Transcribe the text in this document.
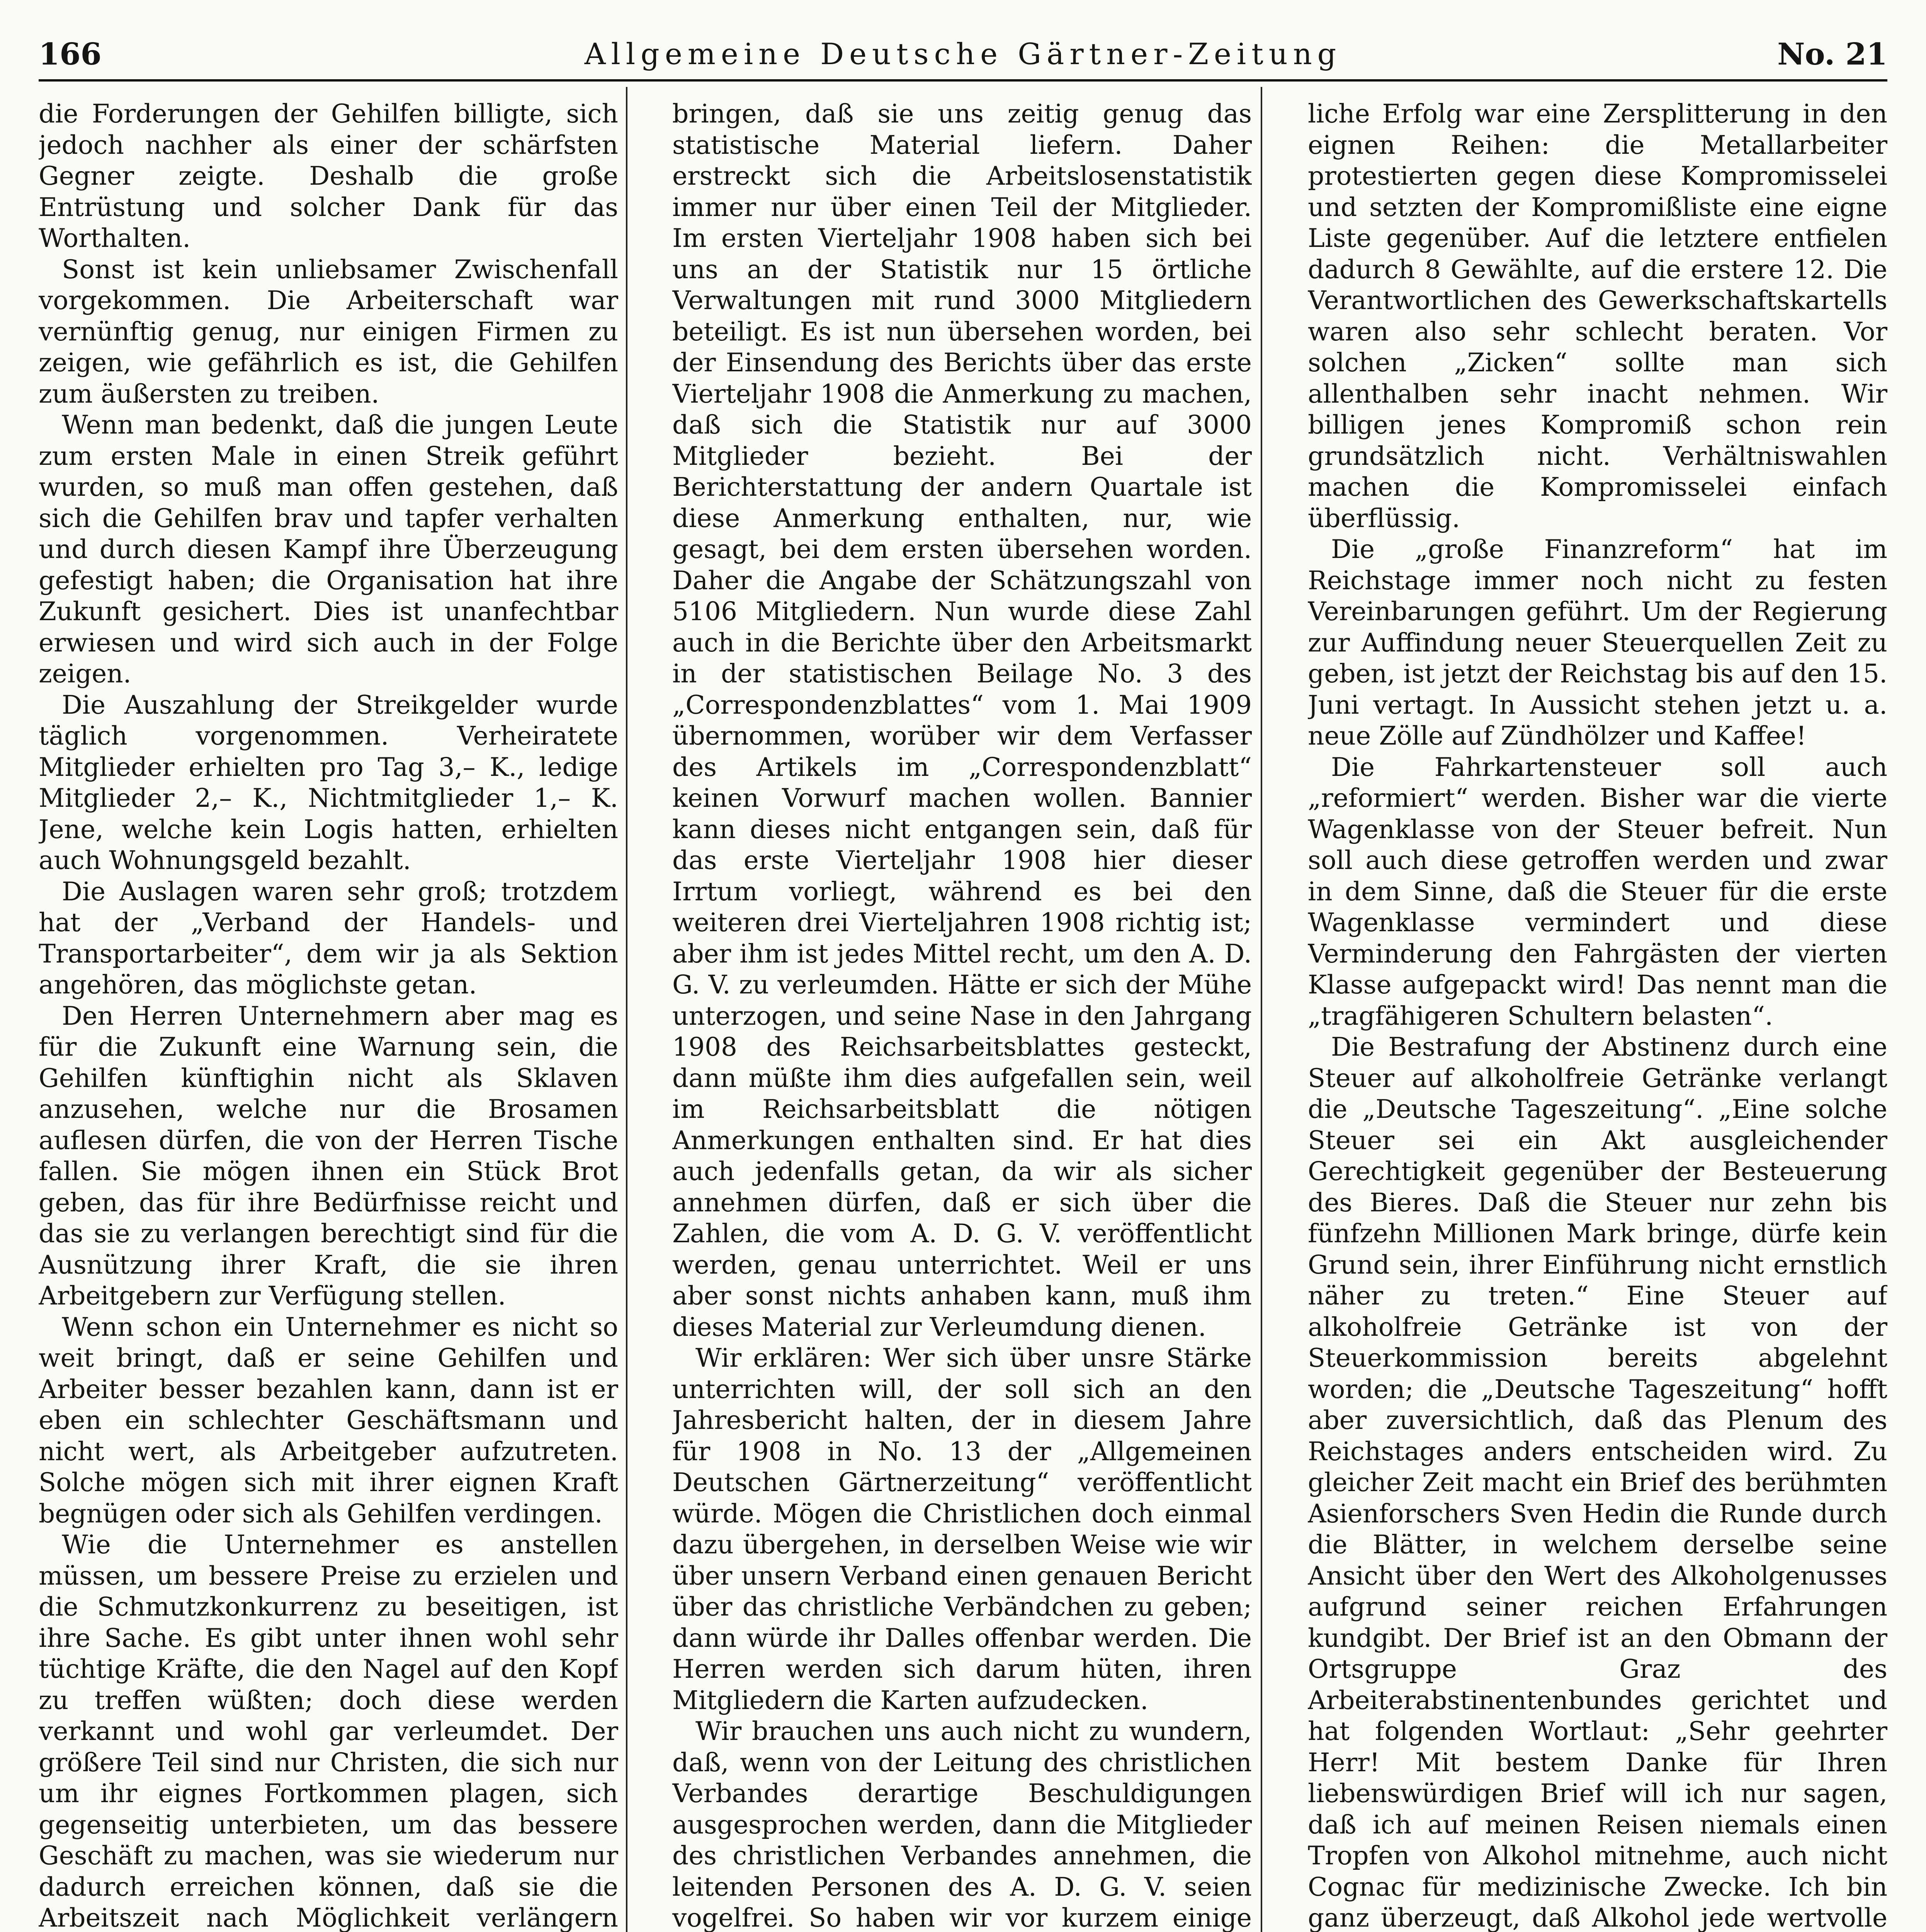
166	Allgemeine Deutsche Gärtner-Zeitung	No. 21

die Forderungen der Gehilfen billigte, sich jedoch nachher als einer der schärfsten Gegner zeigte. Deshalb die große Entrüstung und solcher Dank für das Worthalten.

Sonst ist kein unliebsamer Zwischenfall vorgekommen. Die Arbeiterschaft war vernünftig genug, nur einigen Firmen zu zeigen, wie gefährlich es ist, die Gehilfen zum äußersten zu treiben.

Wenn man bedenkt, daß die jungen Leute zum ersten Male in einen Streik geführt wurden, so muß man offen gestehen, daß sich die Gehilfen brav und tapfer verhalten und durch diesen Kampf ihre Überzeugung gefestigt haben; die Organisation hat ihre Zukunft gesichert. Dies ist unanfechtbar erwiesen und wird sich auch in der Folge zeigen.

Die Auszahlung der Streikgelder wurde täglich vorgenommen. Verheiratete Mitglieder erhielten pro Tag 3,– K., ledige Mitglieder 2,– K., Nichtmitglieder 1,– K. Jene, welche kein Logis hatten, erhielten auch Wohnungsgeld bezahlt.

Die Auslagen waren sehr groß; trotzdem hat der „Verband der Handels- und Transportarbeiter“, dem wir ja als Sektion angehören, das möglichste getan.

Den Herren Unternehmern aber mag es für die Zukunft eine Warnung sein, die Gehilfen künftighin nicht als Sklaven anzusehen, welche nur die Brosamen auflesen dürfen, die von der Herren Tische fallen. Sie mögen ihnen ein Stück Brot geben, das für ihre Bedürfnisse reicht und das sie zu verlangen berechtigt sind für die Ausnützung ihrer Kraft, die sie ihren Arbeitgebern zur Verfügung stellen.

Wenn schon ein Unternehmer es nicht so weit bringt, daß er seine Gehilfen und Arbeiter besser bezahlen kann, dann ist er eben ein schlechter Geschäftsmann und nicht wert, als Arbeitgeber aufzutreten. Solche mögen sich mit ihrer eignen Kraft begnügen oder sich als Gehilfen verdingen.

Wie die Unternehmer es anstellen müssen, um bessere Preise zu erzielen und die Schmutzkonkurrenz zu beseitigen, ist ihre Sache. Es gibt unter ihnen wohl sehr tüchtige Kräfte, die den Nagel auf den Kopf zu treffen wüßten; doch diese werden verkannt und wohl gar verleumdet. Der größere Teil sind nur Christen, die sich nur um ihr eignes Fortkommen plagen, sich gegenseitig unterbieten, um das bessere Geschäft zu machen, was sie wiederum nur dadurch erreichen können, daß sie die Arbeitszeit nach Möglichkeit verlängern

bringen, daß sie uns zeitig genug das statistische Material liefern. Daher erstreckt sich die Arbeitslosenstatistik immer nur über einen Teil der Mitglieder. Im ersten Vierteljahr 1908 haben sich bei uns an der Statistik nur 15 örtliche Verwaltungen mit rund 3000 Mitgliedern beteiligt. Es ist nun übersehen worden, bei der Einsendung des Berichts über das erste Vierteljahr 1908 die Anmerkung zu machen, daß sich die Statistik nur auf 3000 Mitglieder bezieht. Bei der Berichterstattung der andern Quartale ist diese Anmerkung enthalten, nur, wie gesagt, bei dem ersten übersehen worden. Daher die Angabe der Schätzungszahl von 5106 Mitgliedern. Nun wurde diese Zahl auch in die Berichte über den Arbeitsmarkt in der statistischen Beilage No. 3 des „Correspondenzblattes“ vom 1. Mai 1909 übernommen, worüber wir dem Verfasser des Artikels im „Correspondenzblatt“ keinen Vorwurf machen wollen. Bannier kann dieses nicht entgangen sein, daß für das erste Vierteljahr 1908 hier dieser Irrtum vorliegt, während es bei den weiteren drei Vierteljahren 1908 richtig ist; aber ihm ist jedes Mittel recht, um den A. D. G. V. zu verleumden. Hätte er sich der Mühe unterzogen, und seine Nase in den Jahrgang 1908 des Reichsarbeitsblattes gesteckt, dann müßte ihm dies aufgefallen sein, weil im Reichsarbeitsblatt die nötigen Anmerkungen enthalten sind. Er hat dies auch jedenfalls getan, da wir als sicher annehmen dürfen, daß er sich über die Zahlen, die vom A. D. G. V. veröffentlicht werden, genau unterrichtet. Weil er uns aber sonst nichts anhaben kann, muß ihm dieses Material zur Verleumdung dienen.

Wir erklären: Wer sich über unsre Stärke unterrichten will, der soll sich an den Jahresbericht halten, der in diesem Jahre für 1908 in No. 13 der „Allgemeinen Deutschen Gärtnerzeitung“ veröffentlicht würde. Mögen die Christlichen doch einmal dazu übergehen, in derselben Weise wie wir über unsern Verband einen genauen Bericht über das christliche Verbändchen zu geben; dann würde ihr Dalles offenbar werden. Die Herren werden sich darum hüten, ihren Mitgliedern die Karten aufzudecken.

Wir brauchen uns auch nicht zu wundern, daß, wenn von der Leitung des christlichen Verbandes derartige Beschuldigungen ausgesprochen werden, dann die Mitglieder des christlichen Verbandes annehmen, die leitenden Personen des A. D. G. V. seien vogelfrei. So haben wir vor kurzem einige

liche Erfolg war eine Zersplitterung in den eignen Reihen: die Metallarbeiter protestierten gegen diese Kompromisselei und setzten der Kompromißliste eine eigne Liste gegenüber. Auf die letztere entfielen dadurch 8 Gewählte, auf die erstere 12. Die Verantwortlichen des Gewerkschaftskartells waren also sehr schlecht beraten. Vor solchen „Zicken“ sollte man sich allenthalben sehr inacht nehmen. Wir billigen jenes Kompromiß schon rein grundsätzlich nicht. Verhältniswahlen machen die Kompromisselei einfach überflüssig.

Die „große Finanzreform“ hat im Reichstage immer noch nicht zu festen Vereinbarungen geführt. Um der Regierung zur Auffindung neuer Steuerquellen Zeit zu geben, ist jetzt der Reichstag bis auf den 15. Juni vertagt. In Aussicht stehen jetzt u. a. neue Zölle auf Zündhölzer und Kaffee!

Die Fahrkartensteuer soll auch „reformiert“ werden. Bisher war die vierte Wagenklasse von der Steuer befreit. Nun soll auch diese getroffen werden und zwar in dem Sinne, daß die Steuer für die erste Wagenklasse vermindert und diese Verminderung den Fahrgästen der vierten Klasse aufgepackt wird! Das nennt man die „tragfähigeren Schultern belasten“.

Die Bestrafung der Abstinenz durch eine Steuer auf alkoholfreie Getränke verlangt die „Deutsche Tageszeitung“. „Eine solche Steuer sei ein Akt ausgleichender Gerechtigkeit gegenüber der Besteuerung des Bieres. Daß die Steuer nur zehn bis fünfzehn Millionen Mark bringe, dürfe kein Grund sein, ihrer Einführung nicht ernstlich näher zu treten.“ Eine Steuer auf alkoholfreie Getränke ist von der Steuerkommission bereits abgelehnt worden; die „Deutsche Tageszeitung“ hofft aber zuversichtlich, daß das Plenum des Reichstages anders entscheiden wird. Zu gleicher Zeit macht ein Brief des berühmten Asienforschers Sven Hedin die Runde durch die Blätter, in welchem derselbe seine Ansicht über den Wert des Alkoholgenusses aufgrund seiner reichen Erfahrungen kundgibt. Der Brief ist an den Obmann der Ortsgruppe Graz des Arbeiterabstinentenbundes gerichtet und hat folgenden Wortlaut: „Sehr geehrter Herr! Mit bestem Danke für Ihren liebenswürdigen Brief will ich nur sagen, daß ich auf meinen Reisen niemals einen Tropfen von Alkohol mitnehme, auch nicht Cognac für medizinische Zwecke. Ich bin ganz überzeugt, daß Alkohol jede wertvolle
